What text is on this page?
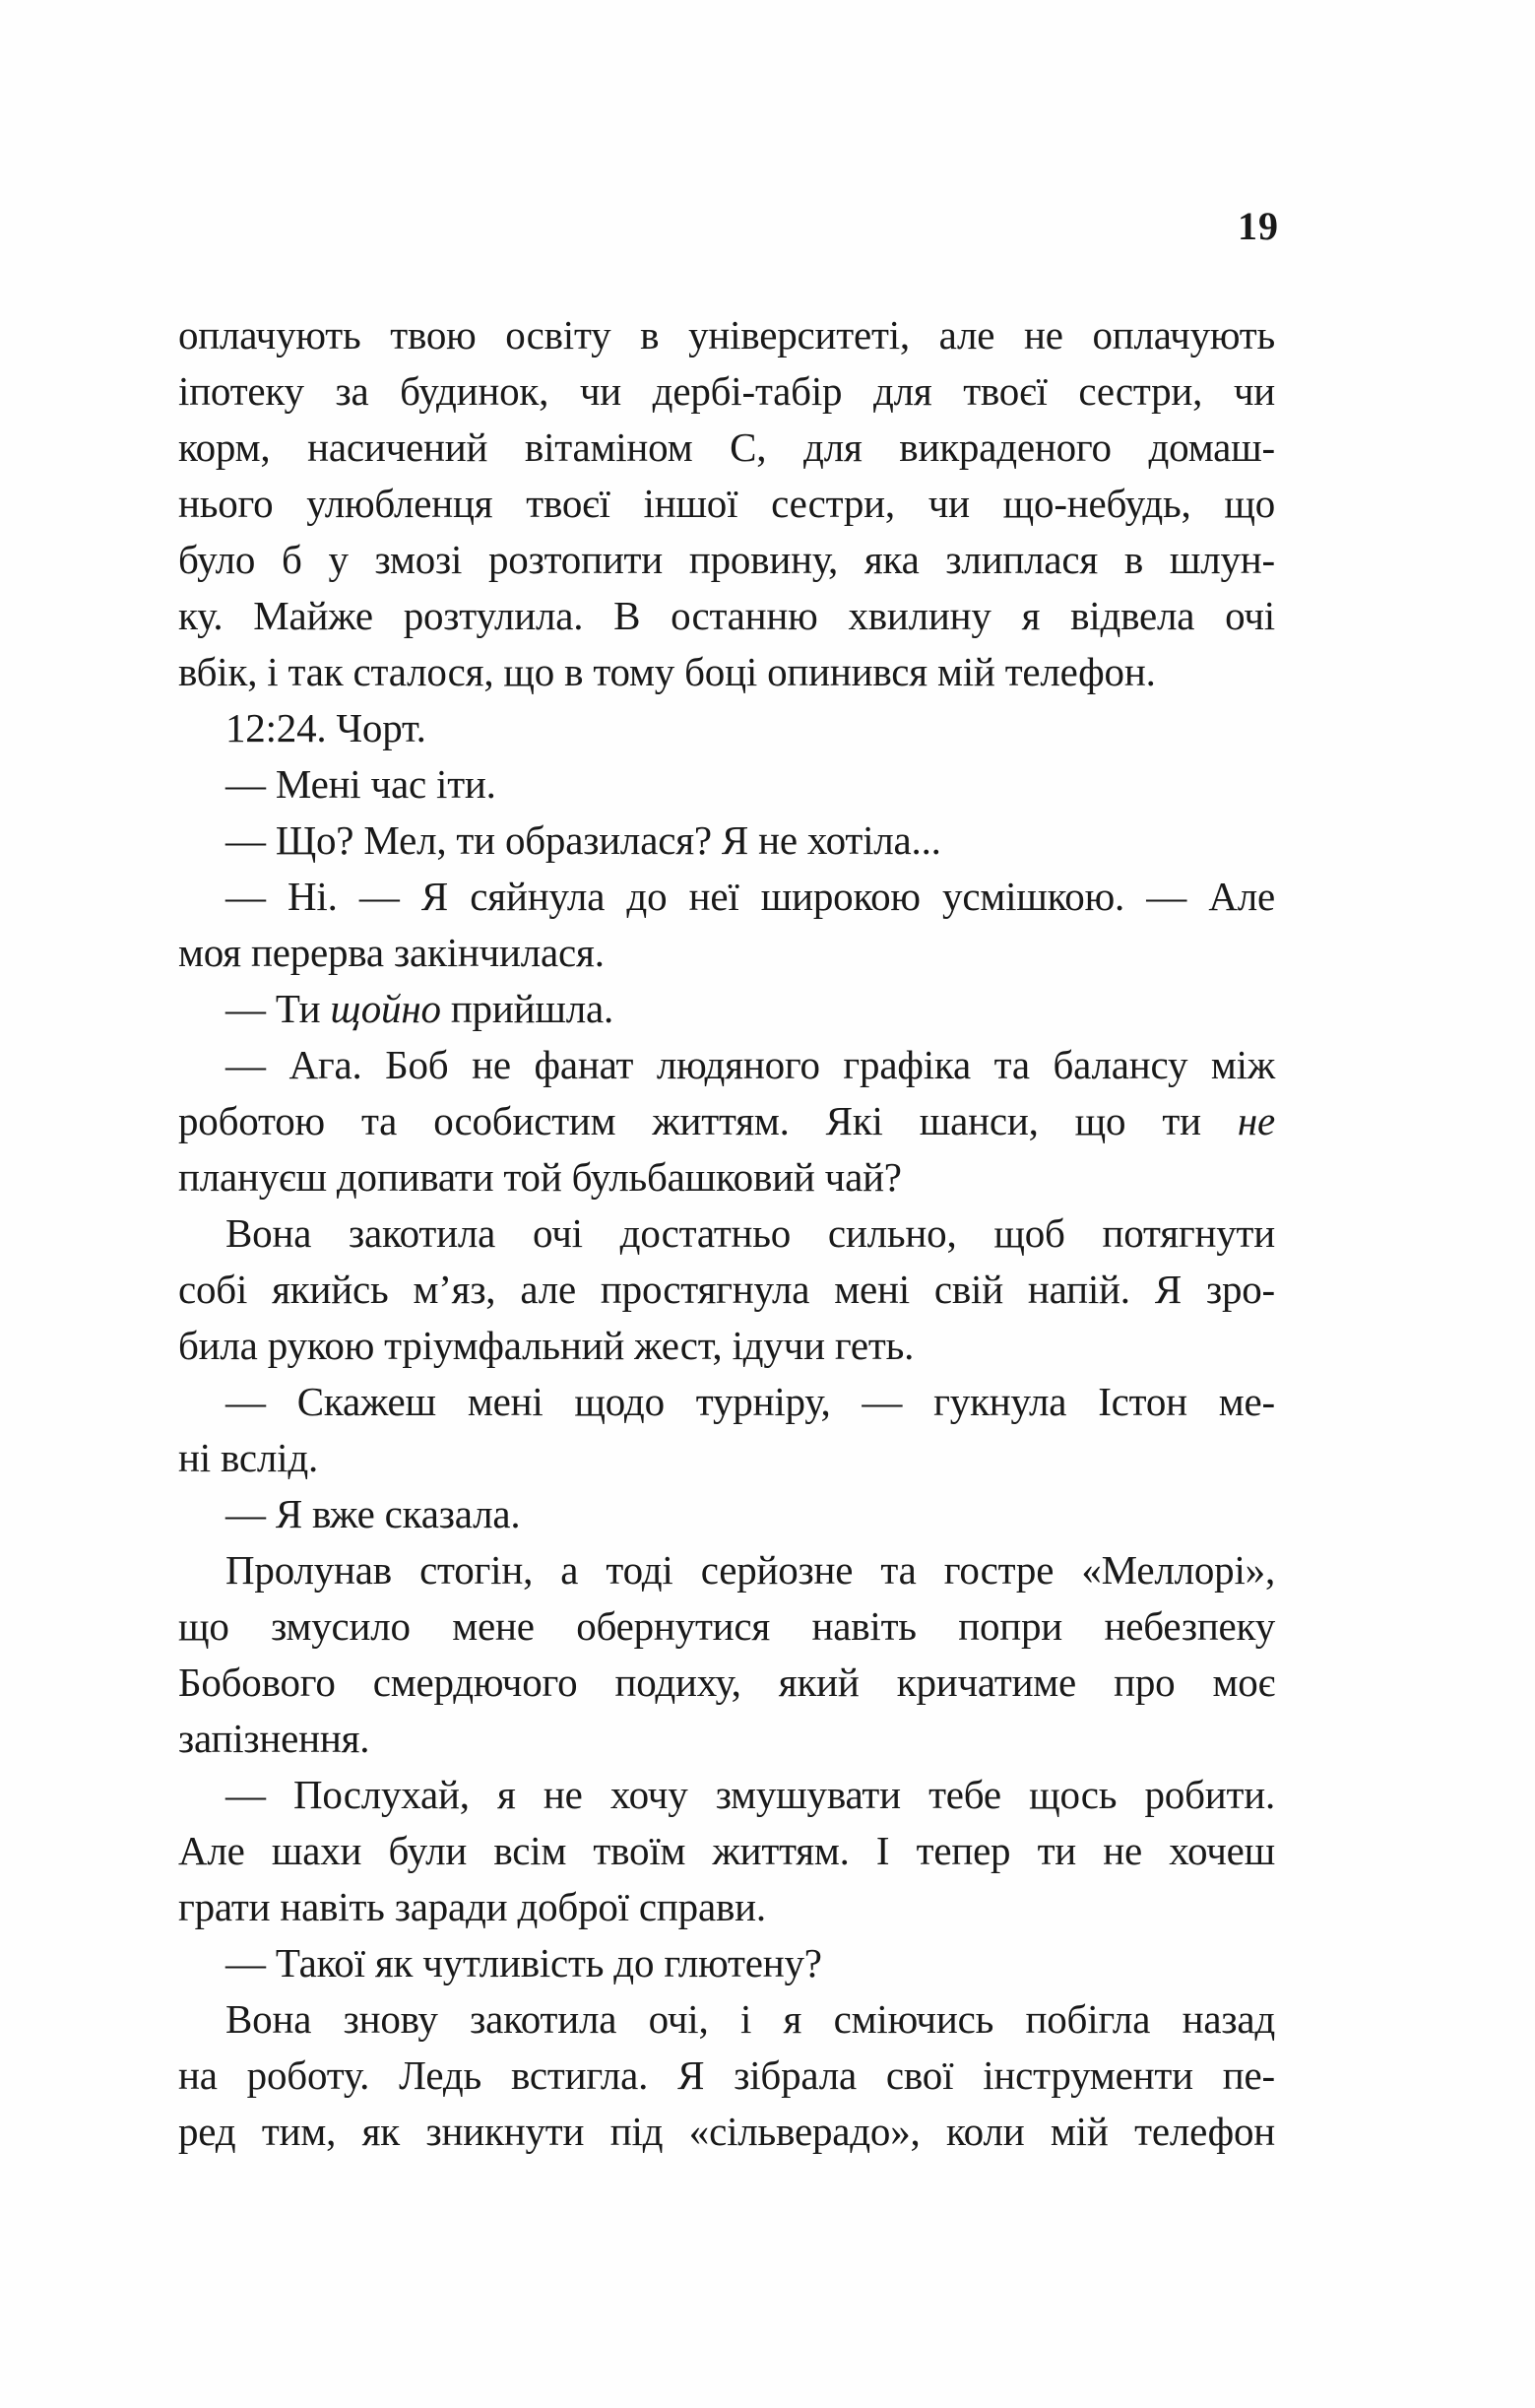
19
оплачують твою освіту в університеті, але не оплачують
іпотеку за будинок, чи дербі-табір для твоєї сестри, чи
корм, насичений вітаміном C, для викраденого домаш-
нього улюбленця твоєї іншої сестри, чи що-небудь, що
було б у змозі розтопити провину, яка злиплася в шлун-
ку. Майже розтулила. В останню хвилину я відвела очі
вбік, і так сталося, що в тому боці опинився мій телефон.
12:24. Чорт.
— Мені час іти.
— Що? Мел, ти образилася? Я не хотіла...
— Ні. — Я сяйнула до неї широкою усмішкою. — Але
моя перерва закінчилася.
— Ти щойно прийшла.
— Ага. Боб не фанат людяного графіка та балансу між
роботою та особистим життям. Які шанси, що ти не
плануєш допивати той бульбашковий чай?
Вона закотила очі достатньо сильно, щоб потягнути
собі якийсь м’яз, але простягнула мені свій напій. Я зро-
била рукою тріумфальний жест, ідучи геть.
— Скажеш мені щодо турніру, — гукнула Істон ме-
ні вслід.
— Я вже сказала.
Пролунав стогін, а тоді серйозне та гостре «Меллорі»,
що змусило мене обернутися навіть попри небезпеку
Бобового смердючого подиху, який кричатиме про моє
запізнення.
— Послухай, я не хочу змушувати тебе щось робити.
Але шахи були всім твоїм життям. І тепер ти не хочеш
грати навіть заради доброї справи.
— Такої як чутливість до глютену?
Вона знову закотила очі, і я сміючись побігла назад
на роботу. Ледь встигла. Я зібрала свої інструменти пе-
ред тим, як зникнути під «сільверадо», коли мій телефон
